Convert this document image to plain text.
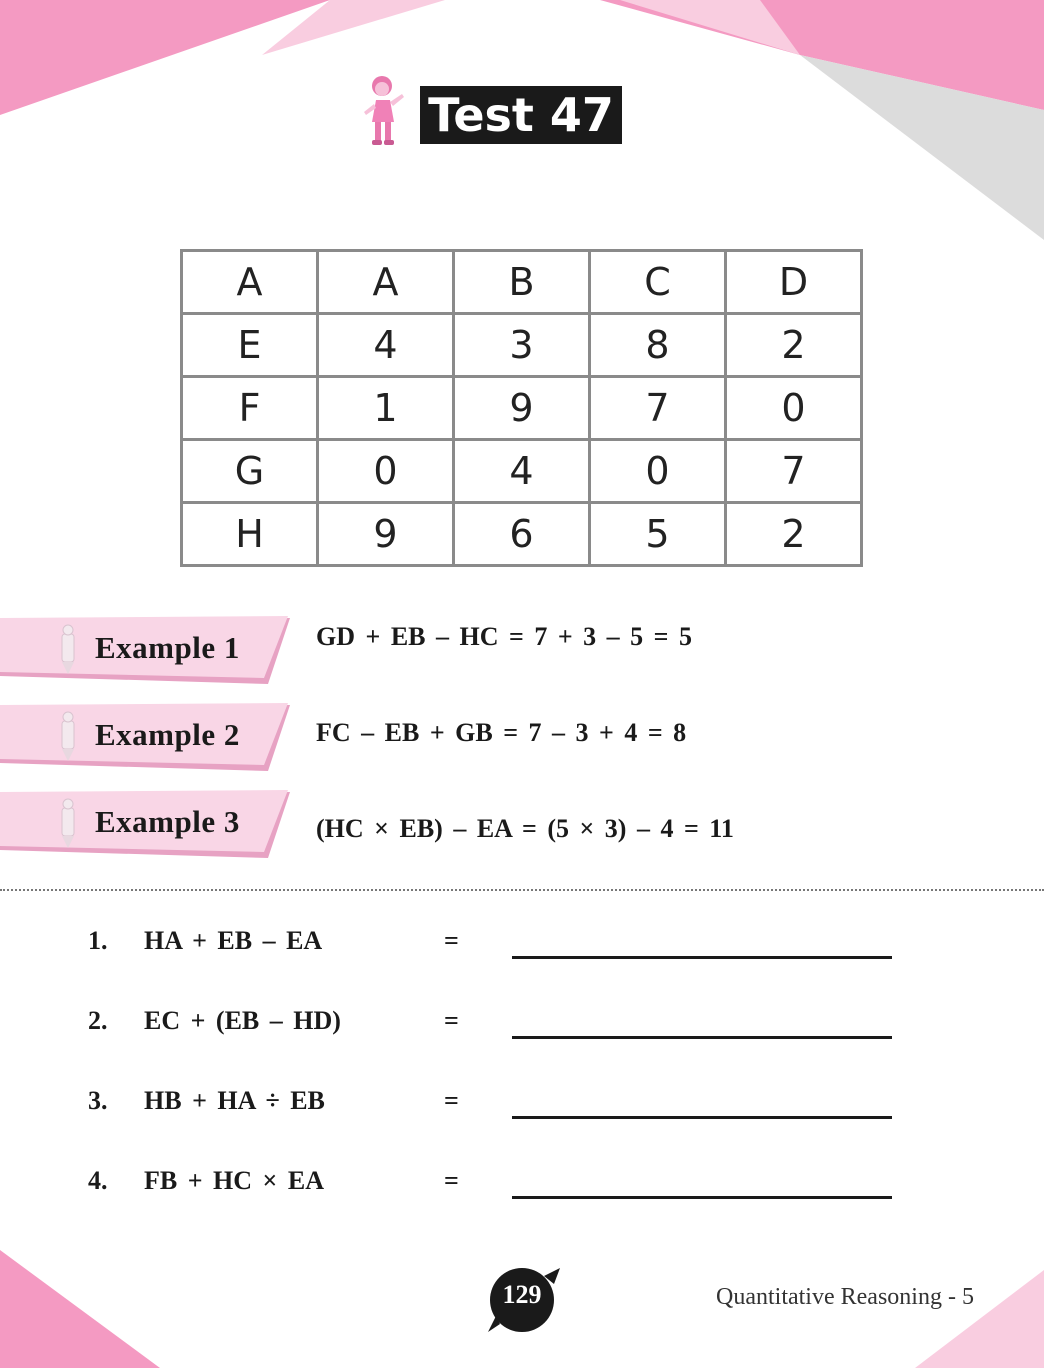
Test 47
A	A	B	C	D
E	4	3	8	2
F	1	9	7	0
G	0	4	0	7
H	9	6	5	2
Example 1	GD + EB – HC = 7 + 3 – 5 = 5
Example 2	FC – EB + GB = 7 – 3 + 4 = 8
Example 3	(HC × EB) – EA = (5 × 3) – 4 = 11
1. HA + EB – EA	=
2. EC + (EB – HD)	=
3. HB + HA ÷ EB	=
4. FB + HC × EA	=
129	Quantitative Reasoning - 5
